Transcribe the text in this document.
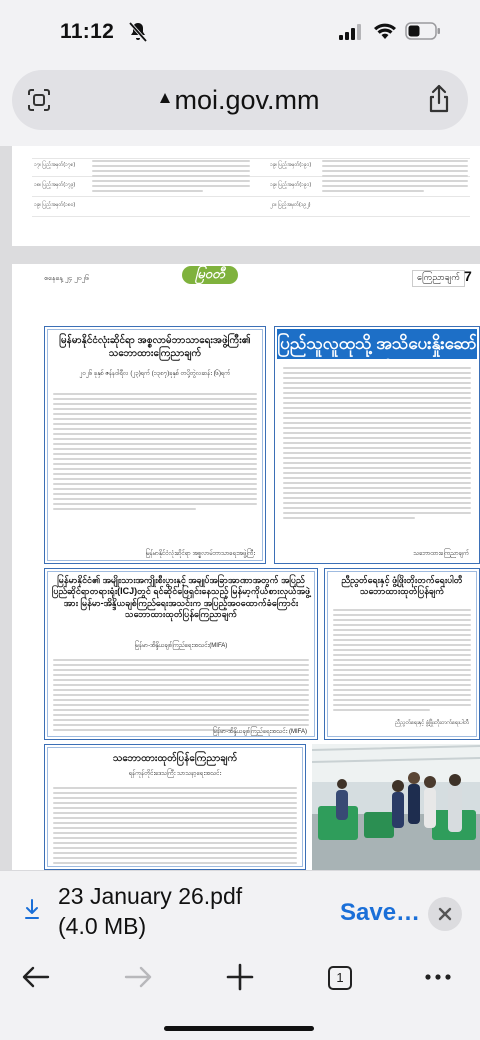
11:12
moi.gov.mm
၁၇။ ပြည့်အမှတ်(၁၇၈)
၁၈။ ပြည့်အမှတ်(၁၇၉)
၁၉။ ပြည့်အမှတ်(၁၈၀)
၁၉။ ပြည့်အမှတ်(၁၉၁)
၁၉။ ပြည့်အမှတ်(၁၉၁)
၂၁။ ပြည့်အမှတ်(၁၉၂)
စနေနေ့ ၂၄ ၂၀၂၆	မြဝတီ	ကြေညာချက် 7
မြန်မာနိုင်ငံလုံးဆိုင်ရာ အစ္စလာမ်ဘာသာရေးအဖွဲ့ကြီး၏ သဘောထားကြေညာချက်
၂၀၂၆ ခုနှစ် ဇန်နဝါရီလ (၂၃)ရက် (၁၃၈၇)ခုနှစ် တပို့တွဲလဆန်း (၆)ရက်
မြန်မာနိုင်ငံလုံးဆိုင်ရာ အစ္စလာမ်ဘာသာရေးအဖွဲ့ကြီး
ပြည်သူလူထုသို့ အသိပေးနှိုးဆော်
သဘောထားကြေညာချက်
မြန်မာနိုင်ငံ၏ အမျိုးသားအကျိုးစီးပွားနှင့် အချုပ်အခြာအာဏာအတွက် အပြည်ပြည်ဆိုင်ရာတရားရုံး(ICJ)တွင် ရင်ဆိုင်ဖြေရှင်းနေသည့် မြန်မာ့ကိုယ်စားလှယ်အဖွဲ့အား မြန်မာ-အိန္ဒိယချစ်ကြည်ရေးအသင်းက အပြည့်အဝထောက်ခံကြောင်း သဘောထားထုတ်ပြန်ကြေညာချက်
မြန်မာ-အိန္ဒိယချစ်ကြည်ရေးအသင်း(MIFA)
မြန်မာ-အိန္ဒိယချစ်ကြည်ရေးအသင်း (MIFA)
ညီညွတ်ရေးနှင့် ဖွံ့ဖြိုးတိုးတက်ရေးပါတီ သဘောထားထုတ်ပြန်ချက်
ညီညွတ်ရေးနှင့် ဖွံ့ဖြိုးတိုးတက်ရေးပါတီ
သဘောထားထုတ်ပြန်ကြေညာချက်
ရန်ကုန်တိုင်းဒေသကြီး သာသနာ့ရေးအသင်း
23 January 26.pdf
(4.0 MB)	Save…
1
